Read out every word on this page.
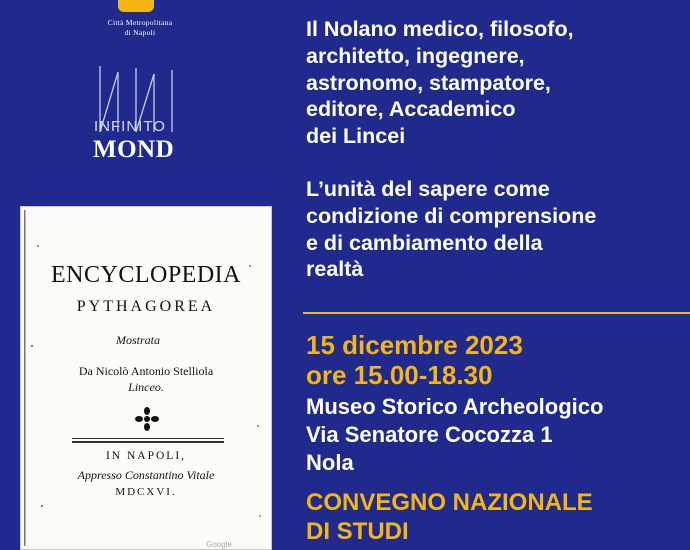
Città Metropolitana
di Napoli
INFINITO
MOND
ENCYCLOPEDIA
PYTHAGOREA
Mostrata
Da Nicolò Antonio Stelliola
Linceo.
IN NAPOLI,
Appresso Constantino Vitale
MDCXVI.
Google
Il Nolano medico, filosofo,
architetto, ingegnere,
astronomo, stampatore,
editore, Accademico
dei Lincei
L’unità del sapere come
condizione di comprensione
e di cambiamento della
realtà
15 dicembre 2023
ore 15.00-18.30
Museo Storico Archeologico
Via Senatore Cocozza 1
Nola
CONVEGNO NAZIONALE
DI STUDI
